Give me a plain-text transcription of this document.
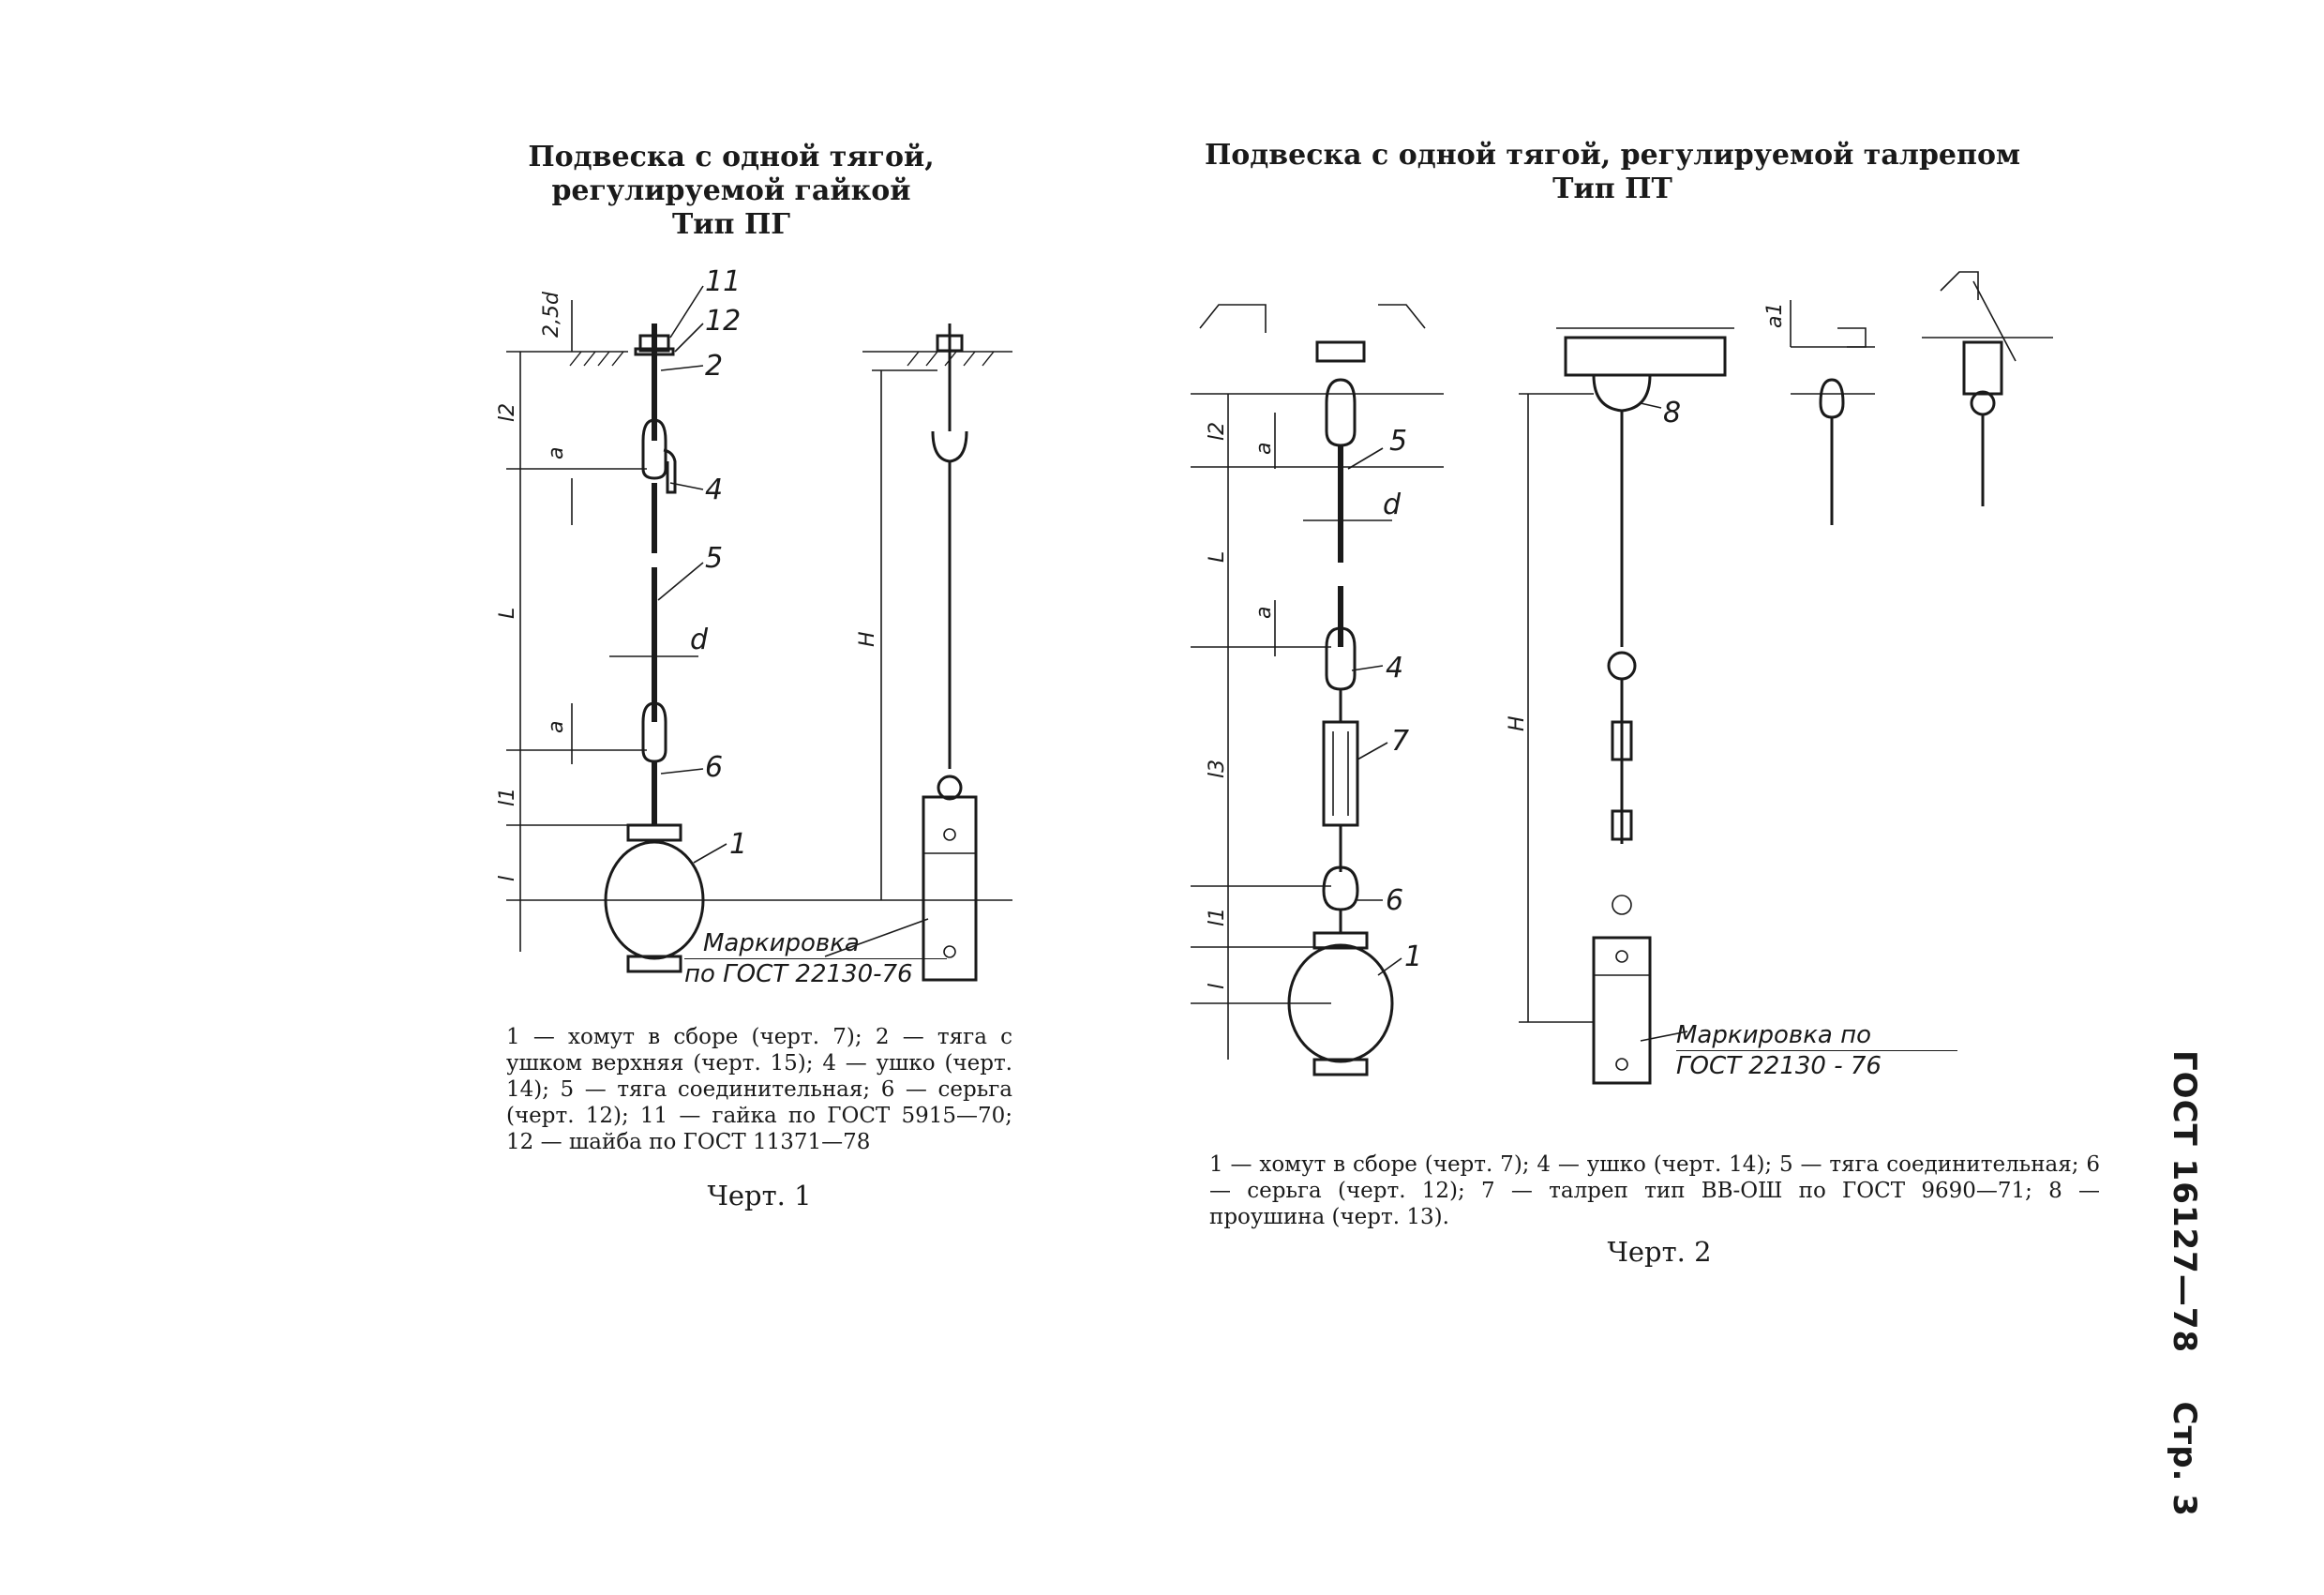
Подвеска с одной тягой,
регулируемой гайкой
Тип ПГ
Подвеска с одной тягой, регулируемой талрепом
Тип ПТ
11
12
2
4
5
d
6
1
2,5d
l2
a
L
a
l1
l
H
Маркировка
по ГОСТ 22130-76
1 — хомут в сборе (черт. 7); 2 — тяга с ушком верхняя (черт. 15); 4 — ушко (черт. 14); 5 — тяга соединительная; 6 — серьга (черт. 12); 11 — гайка по ГОСТ 5915—70; 12 — шайба по ГОСТ 11371—78
Черт. 1
5
d
4
7
6
1
l2
a
L
a
l3
l1
l
8
H
a1
Маркировка по
ГОСТ 22130 - 76
1 — хомут в сборе (черт. 7); 4 — ушко (черт. 14); 5 — тяга соединительная; 6 — серьга (черт. 12); 7 — талреп тип ВВ-ОШ по ГОСТ 9690—71; 8 — проушина (черт. 13).
Черт. 2	ГОСТ 16127—78    Стр. 3
